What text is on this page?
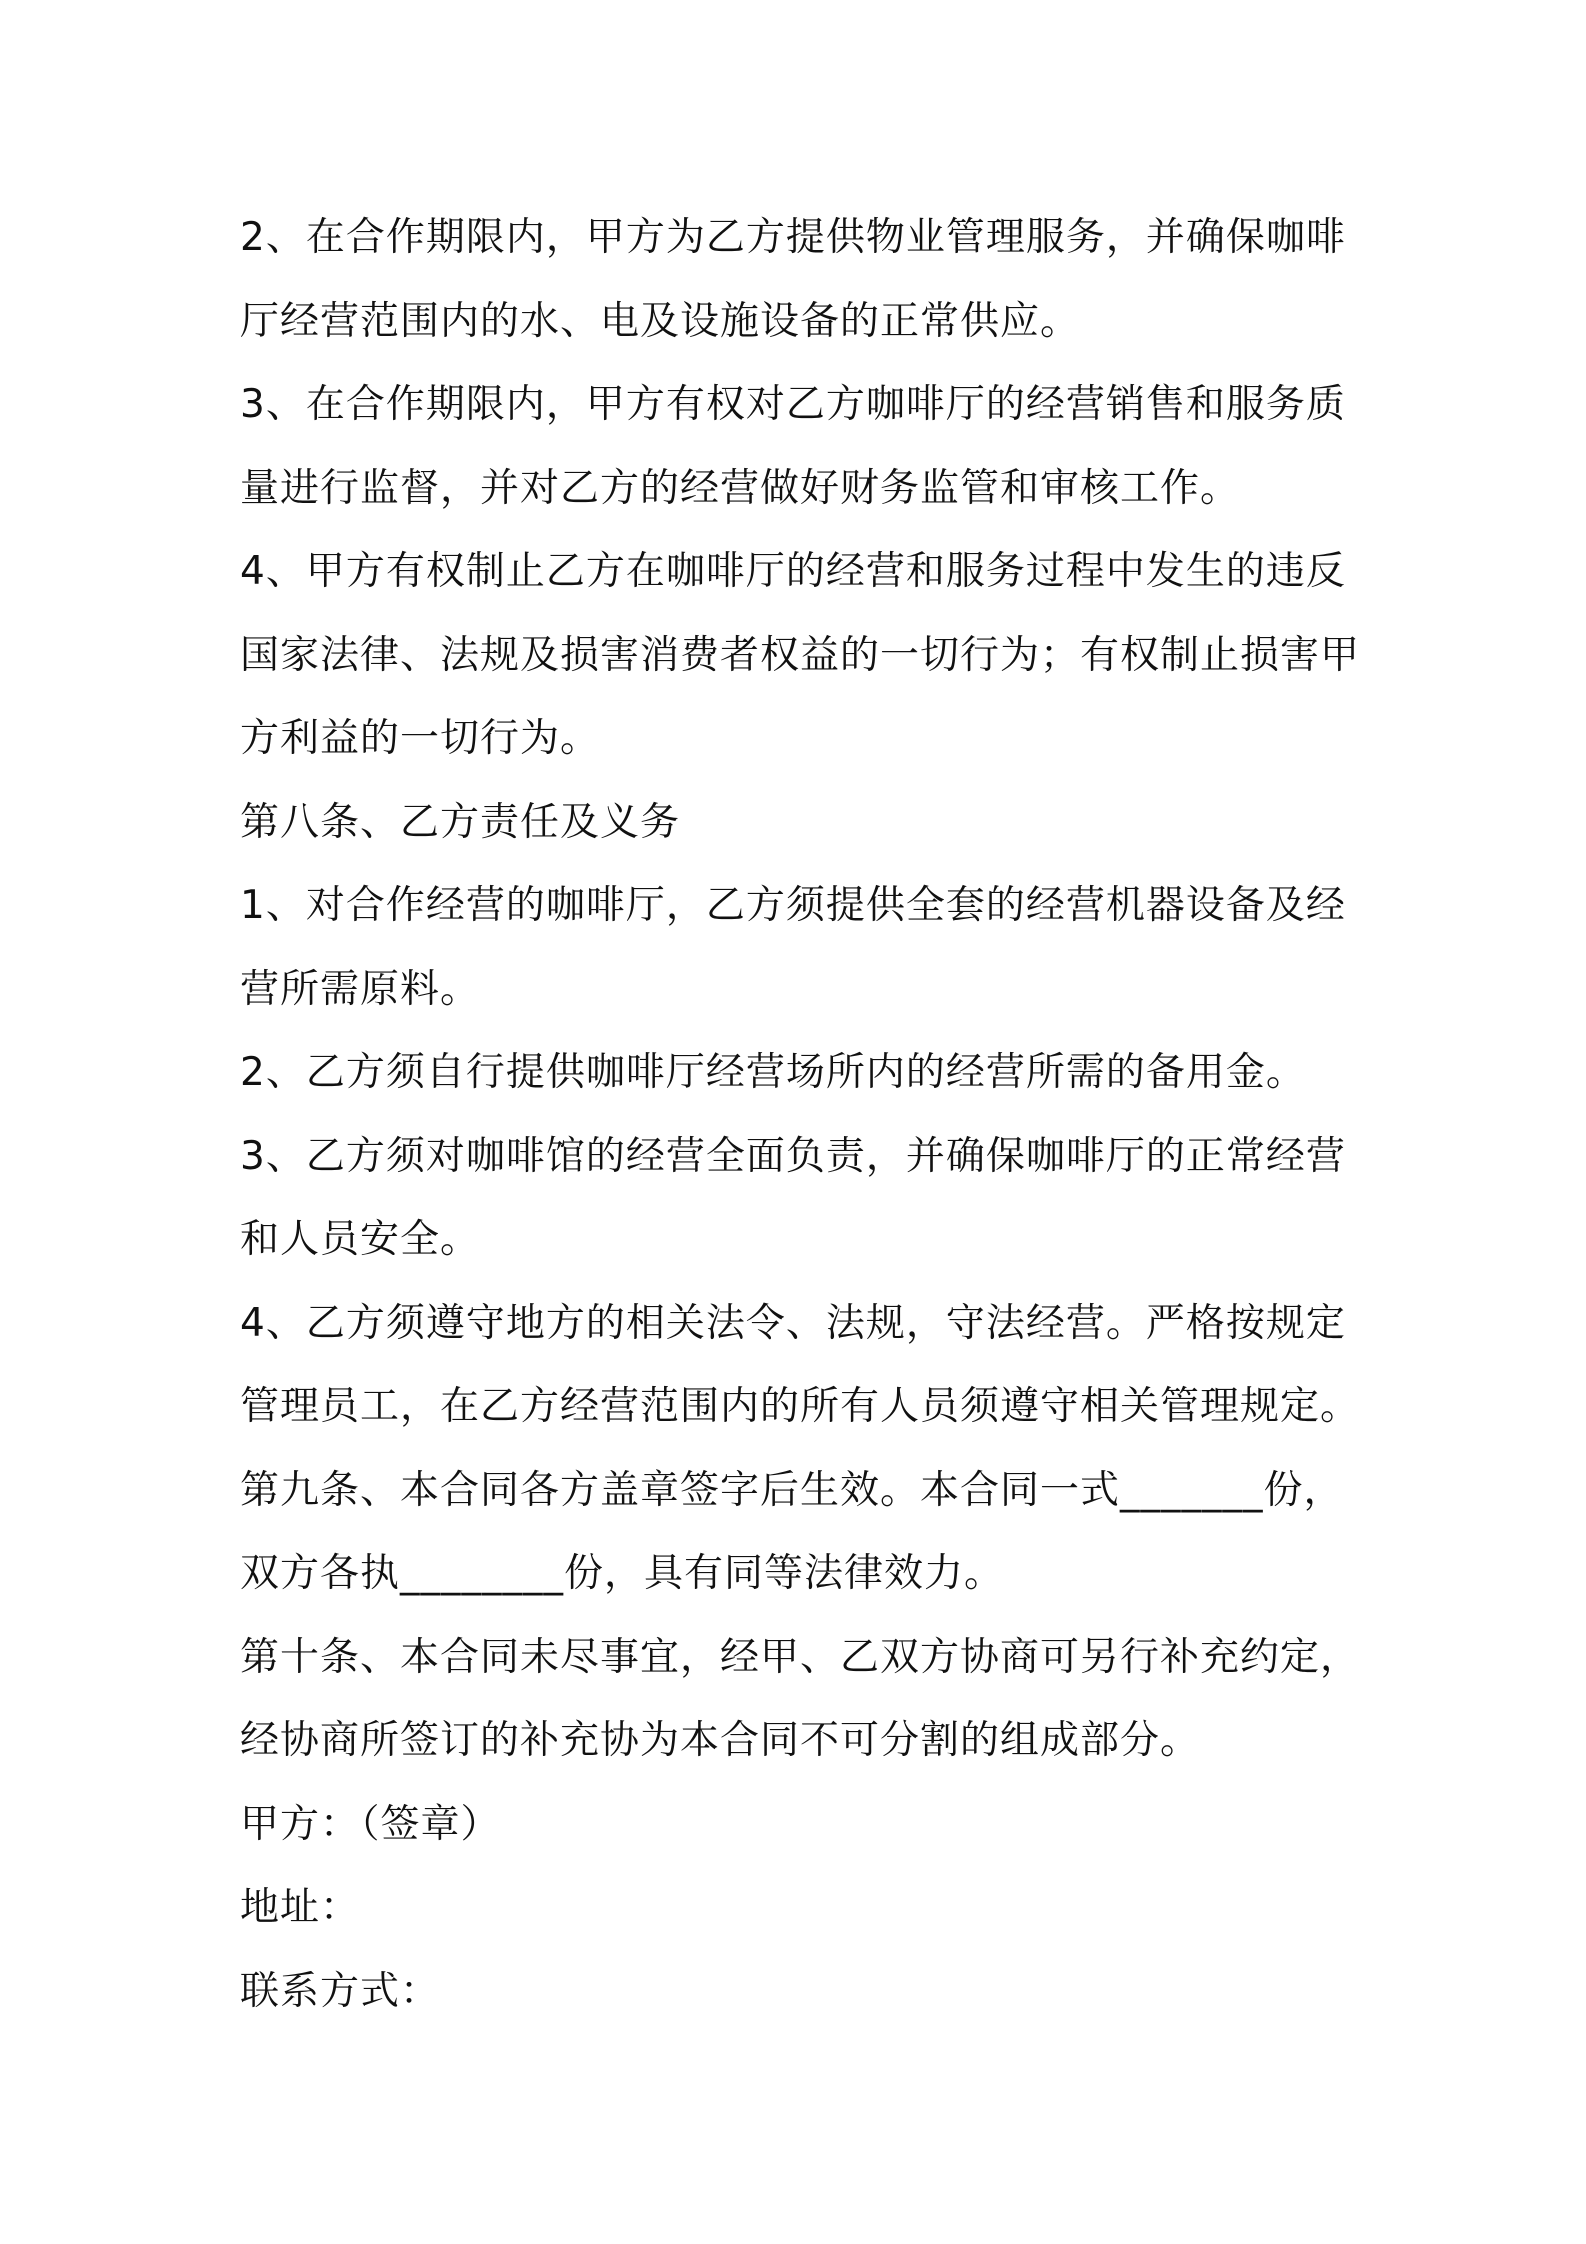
2、在合作期限内，甲方为乙方提供物业管理服务，并确保咖啡
厅经营范围内的水、电及设施设备的正常供应。
3、在合作期限内，甲方有权对乙方咖啡厅的经营销售和服务质
量进行监督，并对乙方的经营做好财务监管和审核工作。
4、甲方有权制止乙方在咖啡厅的经营和服务过程中发生的违反
国家法律、法规及损害消费者权益的一切行为；有权制止损害甲
方利益的一切行为。
第八条、乙方责任及义务
1、对合作经营的咖啡厅，乙方须提供全套的经营机器设备及经
营所需原料。
2、乙方须自行提供咖啡厅经营场所内的经营所需的备用金。
3、乙方须对咖啡馆的经营全面负责，并确保咖啡厅的正常经营
和人员安全。
4、乙方须遵守地方的相关法令、法规，守法经营。严格按规定
管理员工，在乙方经营范围内的所有人员须遵守相关管理规定。
第九条、本合同各方盖章签字后生效。本合同一式_______份，
双方各执________份，具有同等法律效力。
第十条、本合同未尽事宜，经甲、乙双方协商可另行补充约定，
经协商所签订的补充协为本合同不可分割的组成部分。
甲方：（签章）
地址：
联系方式：
